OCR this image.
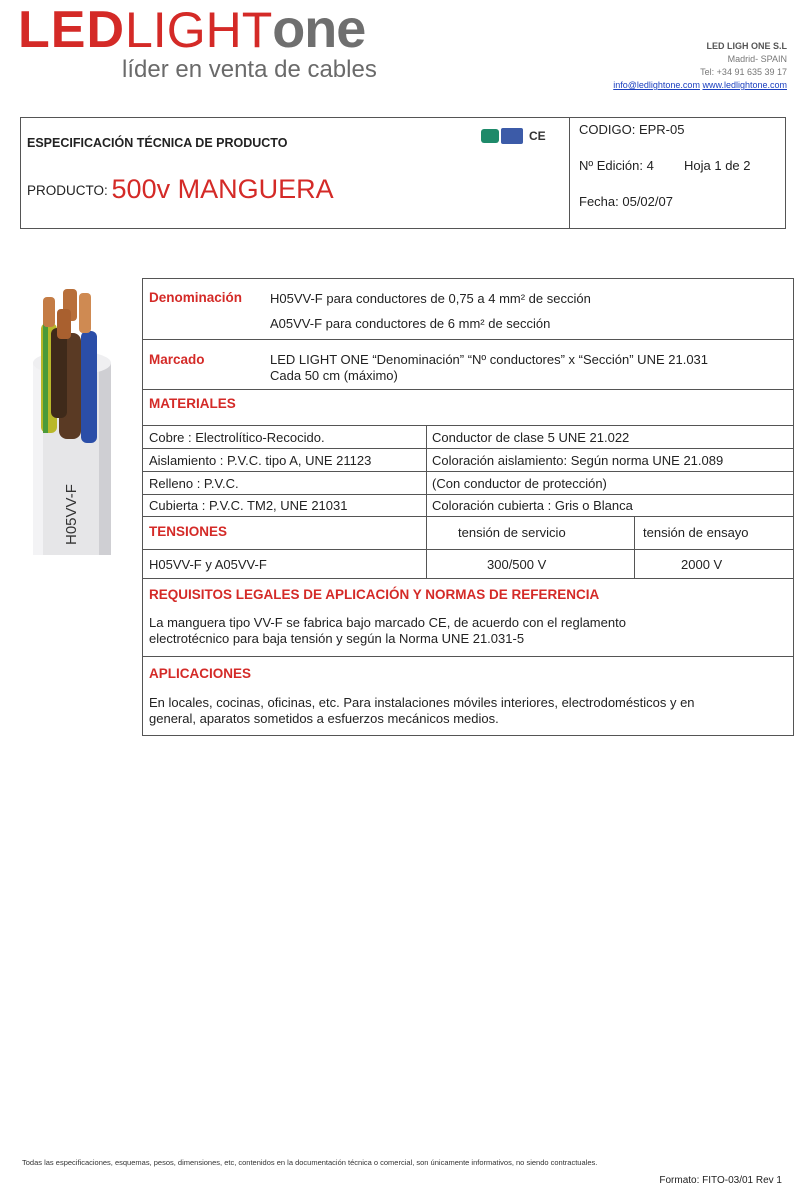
LEDLIGHTone
líder en venta de cables
LED LIGH ONE S.L
Madrid- SPAIN
Tel: +34 91 635 39 17
info@ledlightone.com www.ledlightone.com
ESPECIFICACIÓN TÉCNICA DE PRODUCTO
PRODUCTO: 500v MANGUERA
CE	CODIGO: EPR-05
Nº Edición: 4 Hoja 1 de 2
Fecha: 05/02/07
H05VV-F
Denominación H05VV-F para conductores de 0,75 a 4 mm² de sección
A05VV-F para conductores de 6 mm² de sección
Marcado	LED LIGHT ONE “Denominación” “Nº conductores” x “Sección” UNE 21.031
Cada 50 cm (máximo)
MATERIALES
Cobre : Electrolítico-Recocido.	Conductor de clase 5 UNE 21.022
Aislamiento : P.V.C. tipo A, UNE 21123	Coloración aislamiento: Según norma UNE 21.089
Relleno : P.V.C.	(Con conductor de protección)
Cubierta : P.V.C. TM2, UNE 21031	Coloración cubierta : Gris o Blanca
TENSIONES	tensión de servicio	tensión de ensayo
H05VV-F y A05VV-F	300/500 V	2000 V
REQUISITOS LEGALES DE APLICACIÓN Y NORMAS DE REFERENCIA
La manguera tipo VV-F se fabrica bajo marcado CE, de acuerdo con el reglamento
electrotécnico para baja tensión y según la Norma UNE 21.031-5
APLICACIONES
En locales, cocinas, oficinas, etc. Para instalaciones móviles interiores, electrodomésticos y en
general, aparatos sometidos a esfuerzos mecánicos medios.
Todas las especificaciones, esquemas, pesos, dimensiones, etc, contenidos en la documentación técnica o comercial, son únicamente informativos, no siendo contractuales.
Formato: FITO-03/01 Rev 1
